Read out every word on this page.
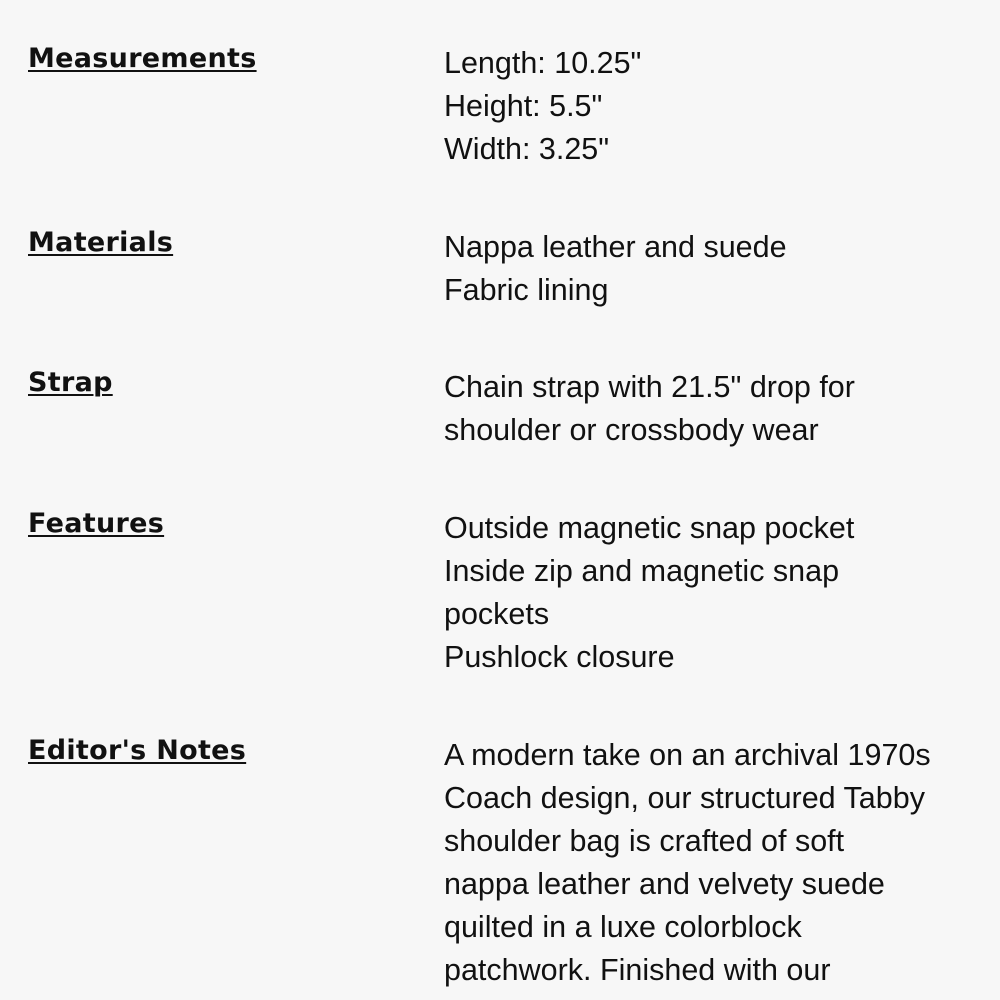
Measurements	Length: 10.25"
Height: 5.5"
Width: 3.25"
Materials	Nappa leather and suede
Fabric lining
Strap	Chain strap with 21.5" drop for
shoulder or crossbody wear
Features	Outside magnetic snap pocket
Inside zip and magnetic snap
pockets
Pushlock closure
Editor's Notes	A modern take on an archival 1970s
Coach design, our structured Tabby
shoulder bag is crafted of soft
nappa leather and velvety suede
quilted in a luxe colorblock
patchwork. Finished with our
